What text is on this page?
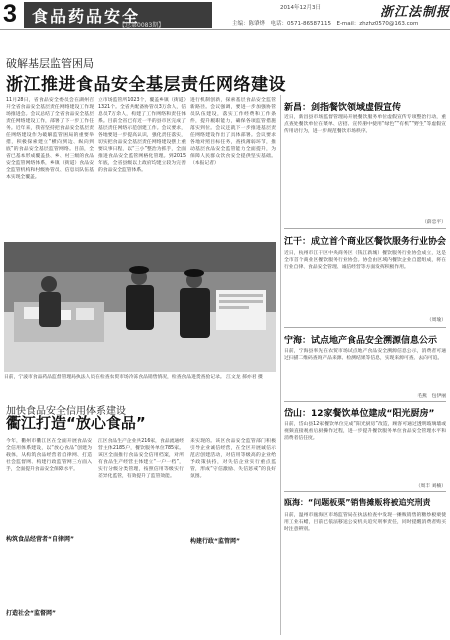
3 食品药品安全
【总第0083期】
2014年12月3日	浙江法制报
主编：陈肇烨　电话：0571-86587115　E-mail：zhzhz0570@163.com
破解基层监管困局
浙江推进食品安全基层责任网络建设
11月28日，省食品安全委员会在湖州召开全省食品安全基层责任网络建设工作现场推进会。会议总结了全省食品安全基层责任网络建设工作，部署了下一步工作任务。近年来，我省坚持把食品安全基层责任网络建设作为破解监管困局的重要举措，积极探索建立“横向到边、纵向到底”的食品安全基层监管网络。目前，全省已基本形成覆盖县、乡、村三级的食品安全监管网络体系，乡镇（街道）食品安全监管机构和村级协管员、信息员队伍基本实现全覆盖。
立市场监管所1023个，覆盖乡镇（街道）1321个。全省共配备协管员3万余人，信息员7万余人，构建了工作网络和责任体系。目前全省已有近一半的县市区完成了基层责任网络示范创建工作。会议要求，各地要进一步提高认识，强化责任落实，切实把食品安全基层责任网络建设摆上重要议事日程，以“三小”整治为抓手，全面推进食品安全监管网格化管理。到2015年底，全省县级以上政府均建立较为完善的食品安全监管体系。
进行机制创新，探索基层食品安全监管新路径。会议强调，要进一步加强协管员队伍建设，落实工作经费和工作条件，提升履职能力，确保各项监管措施落实到位。会议还就下一步推进基层责任网络建设作出了具体部署。会议要求各地对照目标任务，查找薄弱环节，推动基层食品安全监管能力全面提升，为保障人民群众饮食安全提供坚实基础。（本报记者）
日前，宁波市食品药品监督管理局执法人员在检查农贸市场冷冻食品销售情况，检查食品进货查验记录。 江文龙 郝亦君 摄
加快食品安全信用体系建设
衢江打造“放心食品”
今年，衢州市衢江区在全面开展食品安全信用体系建设，以“放心食品”创建为载体，从构筑食品经营者自律网、打造社会监督网、构建行政监管网三方面入手，全面提升食品安全保障水平。
构筑食品经营者“自律网”
江区食品生产企业共216家，食品流通经营主体2185户，餐饮服务单位785家。该区全面推行食品安全信用档案，对所有食品生产经营主体建立“一户一档”，实行分级分类管理，按照信用等级实行差异化监管，有效提升了监管效能。
打造社会“监督网”
来实现的。该区食品安全监管部门积极引导企业诚信经营，在全区开展诚信示范店创建活动，对信用等级高的企业给予政策扶持，对失信企业实行重点监管，形成“守信激励、失信惩戒”的良好氛围。
构建行政“监管网”
新昌：剑指餐饮领域虚假宣传
近日，新昌县市场监督管理局开展餐饮服务单位虚假宣传专项整治行动，重点查处餐饮单位在菜单、店招、宣传册中使用“绿色”“有机”“野生”等虚假宣传用语行为，进一步规范餐饮市场秩序。
（薛忠平）
江干：成立首个商业区餐饮服务行业协会
近日，杭州市江干区中央商务区（钱江新城）餐饮服务行业协会成立，这是全市首个商业区餐饮服务行业协会。协会由区域内餐饮企业自愿组成，将在行业自律、食品安全管理、诚信经营等方面发挥积极作用。
（周瑜）
宁海：试点地产食品安全溯源信息公示
日前，宁海县率先在农贸市场试点地产食品安全溯源信息公示，消费者可通过扫描二维码查询产品来源、检测结果等信息，实现来源可查、去向可追。
毛燕　包伊丽
岱山：12家餐饮单位建成“阳光厨房”
日前，岱山县12家餐饮单位完成“阳光厨房”改造，顾客可通过透明玻璃墙或视频直接观看后厨操作过程，进一步提升餐饮服务单位食品安全管理水平和消费者信任度。
（周丰 刘楠）
瓯海：“问题板栗”销售摊贩将被追究刑责
日前，温州市瓯海区市场监管局在执法检查中发现一摊贩销售的糖炒板栗使用工业石蜡，目前已依法移送公安机关追究刑事责任，同时提醒消费者购买时注意辨别。
